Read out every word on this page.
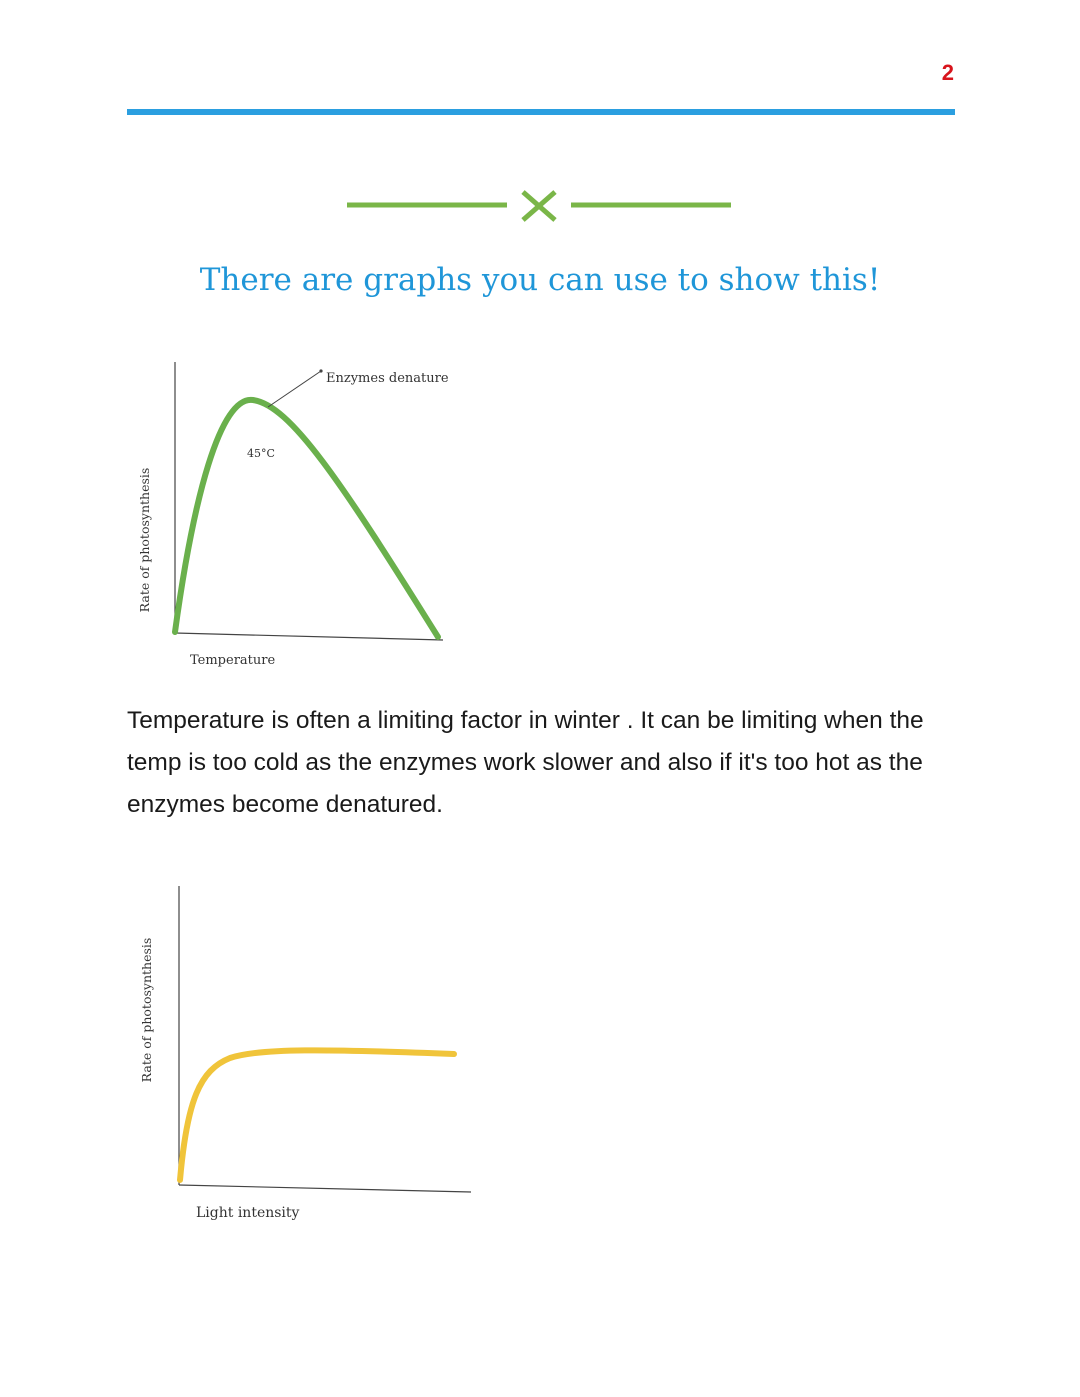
2
There are graphs you can use to show this!
Enzymes denature
45°C
Temperature
Rate of photosynthesis

Temperature is often a limiting factor in winter . It can be limiting when the temp is too cold as the enzymes work slower and also if it's too hot as the enzymes become denatured.

Light intensity
Rate of photosynthesis
